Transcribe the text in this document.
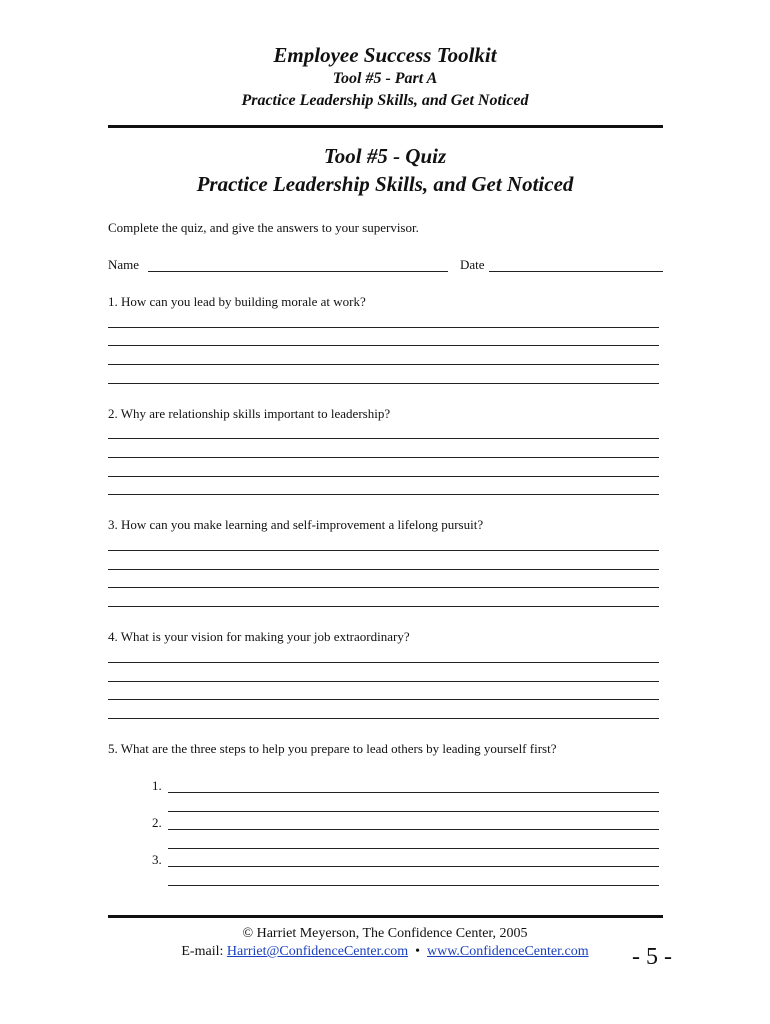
Employee Success Toolkit
Tool #5 - Part A
Practice Leadership Skills, and Get Noticed
Tool #5 - Quiz
Practice Leadership Skills, and Get Noticed
Complete the quiz, and give the answers to your supervisor.
Name	Date
1. How can you lead by building morale at work?
2. Why are relationship skills important to leadership?
3. How can you make learning and self-improvement a lifelong pursuit?
4. What is your vision for making your job extraordinary?
5. What are the three steps to help you prepare to lead others by leading yourself first?
1.
2.
3.
© Harriet Meyerson, The Confidence Center, 2005
E-mail: Harriet@ConfidenceCenter.com • www.ConfidenceCenter.com	- 5 -
